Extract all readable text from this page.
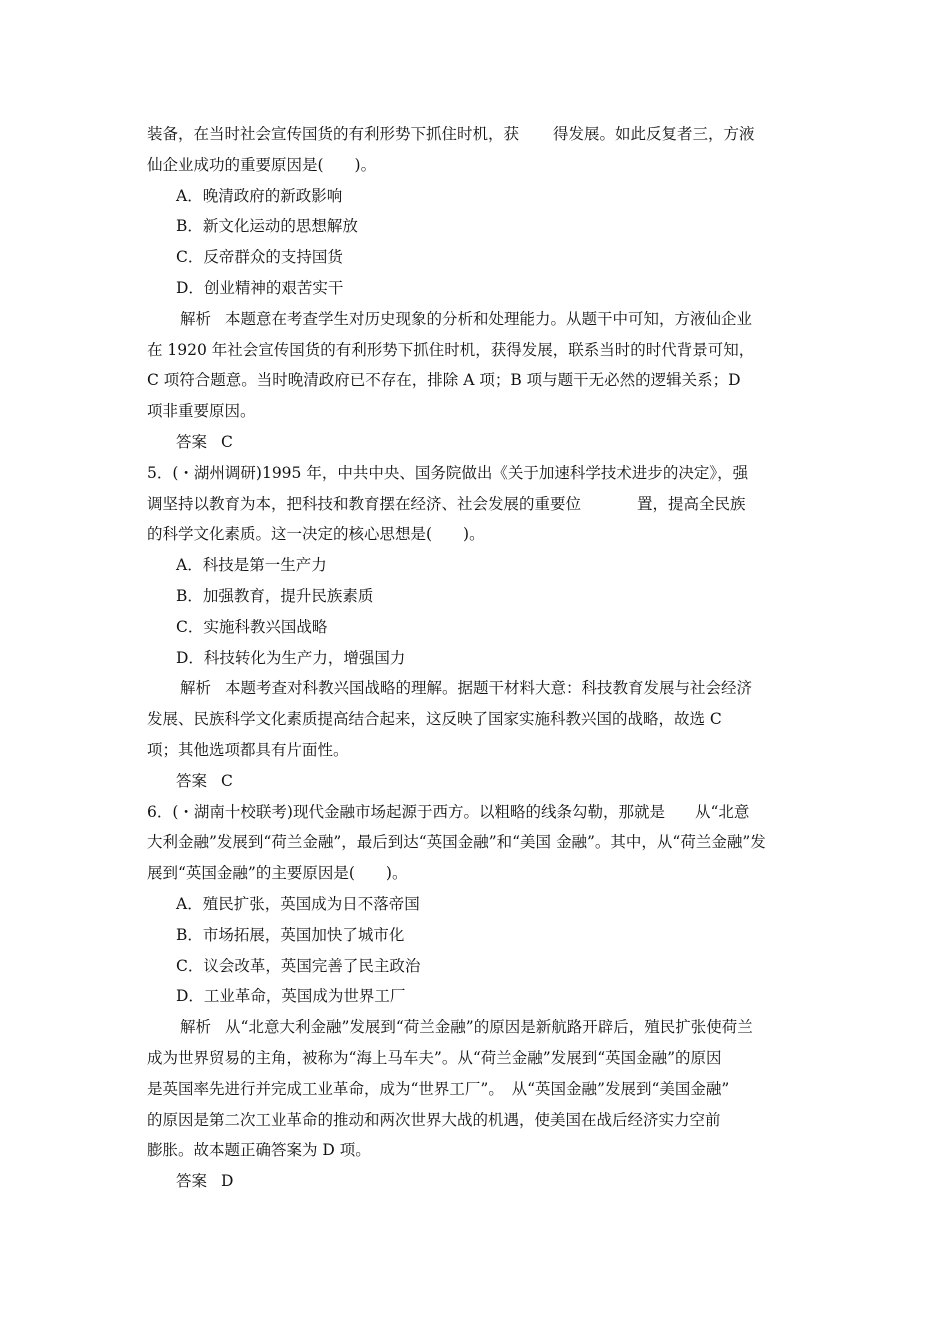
装备，在当时社会宣传国货的有利形势下抓住时机，获 得发展。如此反复者三，方液
仙企业成功的重要原因是(　　)。
A．晚清政府的新政影响
B．新文化运动的思想解放
C．反帝群众的支持国货
D．创业精神的艰苦实干
解析 本题意在考查学生对历史现象的分析和处理能力。从题干中可知，方液仙企业
在 1920 年社会宣传国货的有利形势下抓住时机，获得发展，联系当时的时代背景可知，
C 项符合题意。当时晚清政府已不存在，排除 A 项；B 项与题干无必然的逻辑关系；D
项非重要原因。
答案 C
5．(・湖州调研)1995 年，中共中央、国务院做出《关于加速科学技术进步的决定》，强
调坚持以教育为本，把科技和教育摆在经济、社会发展的重要位	置，提高全民族
的科学文化素质。这一决定的核心思想是(　　)。
A．科技是第一生产力
B．加强教育，提升民族素质
C．实施科教兴国战略
D．科技转化为生产力，增强国力
解析 本题考查对科教兴国战略的理解。据题干材料大意：科技教育发展与社会经济
发展、民族科学文化素质提高结合起来，这反映了国家实施科教兴国的战略，故选 C
项；其他选项都具有片面性。
答案 C
6．(・湖南十校联考)现代金融市场起源于西方。以粗略的线条勾勒，那就是 从“北意
大利金融”发展到“荷兰金融”，最后到达“英国金融”和“美国 金融”。其中，从“荷兰金融”发
展到“英国金融”的主要原因是(　　)。
A．殖民扩张，英国成为日不落帝国
B．市场拓展，英国加快了城市化
C．议会改革，英国完善了民主政治
D．工业革命，英国成为世界工厂
解析 从“北意大利金融”发展到“荷兰金融”的原因是新航路开辟后，殖民扩张使荷兰
成为世界贸易的主角，被称为“海上马车夫”。从“荷兰金融”发展到“英国金融”的原因
是英国率先进行并完成工业革命，成为“世界工厂”。　从“英国金融”发展到“美国金融”
的原因是第二次工业革命的推动和两次世界大战的机遇，使美国在战后经济实力空前
膨胀。故本题正确答案为 D 项。
答案 D
